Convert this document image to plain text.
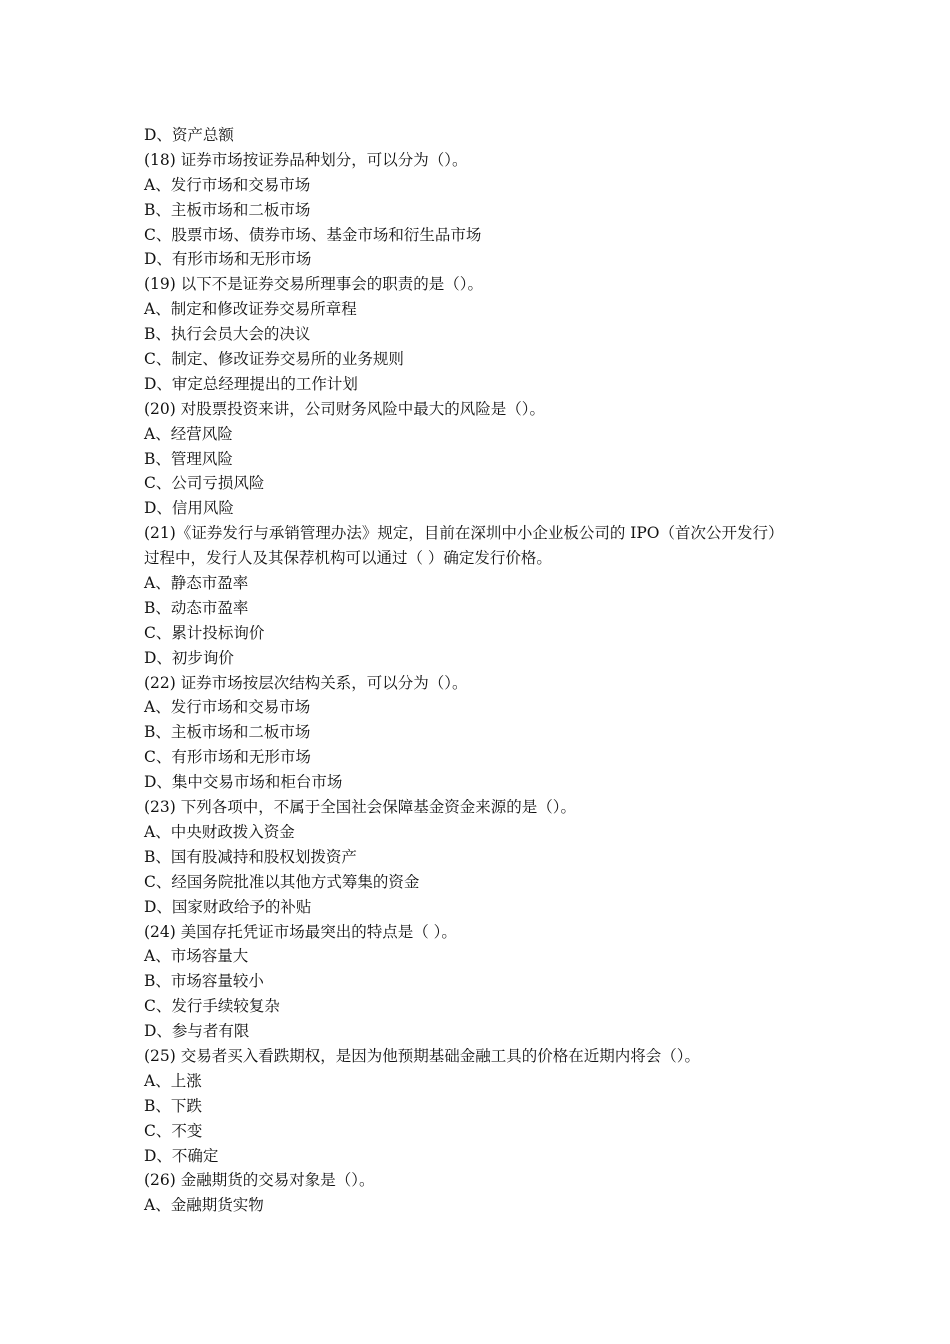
D、资产总额
(18) 证券市场按证券品种划分，可以分为（）。
A、发行市场和交易市场
B、主板市场和二板市场
C、股票市场、债券市场、基金市场和衍生品市场
D、有形市场和无形市场
(19) 以下不是证券交易所理事会的职责的是（）。
A、制定和修改证券交易所章程
B、执行会员大会的决议
C、制定、修改证券交易所的业务规则
D、审定总经理提出的工作计划
(20) 对股票投资来讲，公司财务风险中最大的风险是（）。
A、经营风险
B、管理风险
C、公司亏损风险
D、信用风险
(21)《证券发行与承销管理办法》规定，目前在深圳中小企业板公司的 IPO（首次公开发行）
过程中，发行人及其保荐机构可以通过（ ）确定发行价格。
A、静态市盈率
B、动态市盈率
C、累计投标询价
D、初步询价
(22) 证券市场按层次结构关系，可以分为（）。
A、发行市场和交易市场
B、主板市场和二板市场
C、有形市场和无形市场
D、集中交易市场和柜台市场
(23) 下列各项中，不属于全国社会保障基金资金来源的是（）。
A、中央财政拨入资金
B、国有股减持和股权划拨资产
C、经国务院批准以其他方式筹集的资金
D、国家财政给予的补贴
(24) 美国存托凭证市场最突出的特点是（ ）。
A、市场容量大
B、市场容量较小
C、发行手续较复杂
D、参与者有限
(25) 交易者买入看跌期权，是因为他预期基础金融工具的价格在近期内将会（）。
A、上涨
B、下跌
C、不变
D、不确定
(26) 金融期货的交易对象是（）。
A、金融期货实物
